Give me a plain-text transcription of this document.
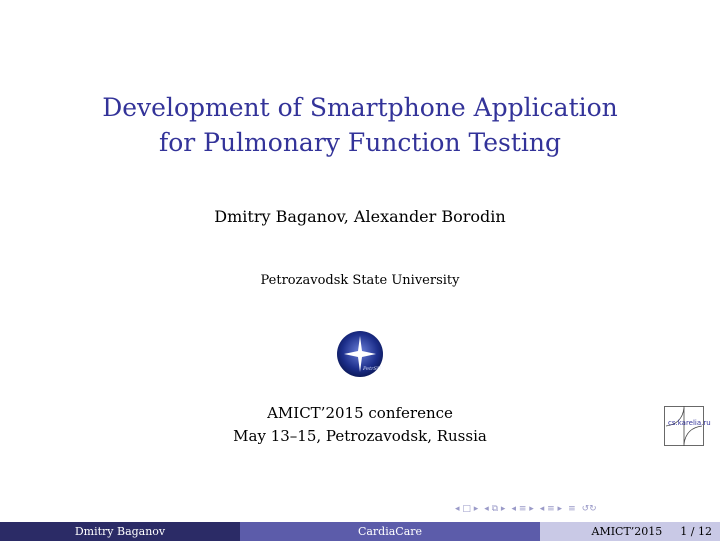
Development of Smartphone Application
for Pulmonary Function Testing
Dmitry Baganov, Alexander Borodin
Petrozavodsk State University
PetrSU
AMICT’2015 conference
May 13–15, Petrozavodsk, Russia
cs.karelia.ru
◂ □ ▸ ◂ ⧉ ▸ ◂ ≡ ▸ ◂ ≡ ▸ ≡ ↺↻
Dmitry Baganov	CardiaCare	AMICT’2015 1 / 12
